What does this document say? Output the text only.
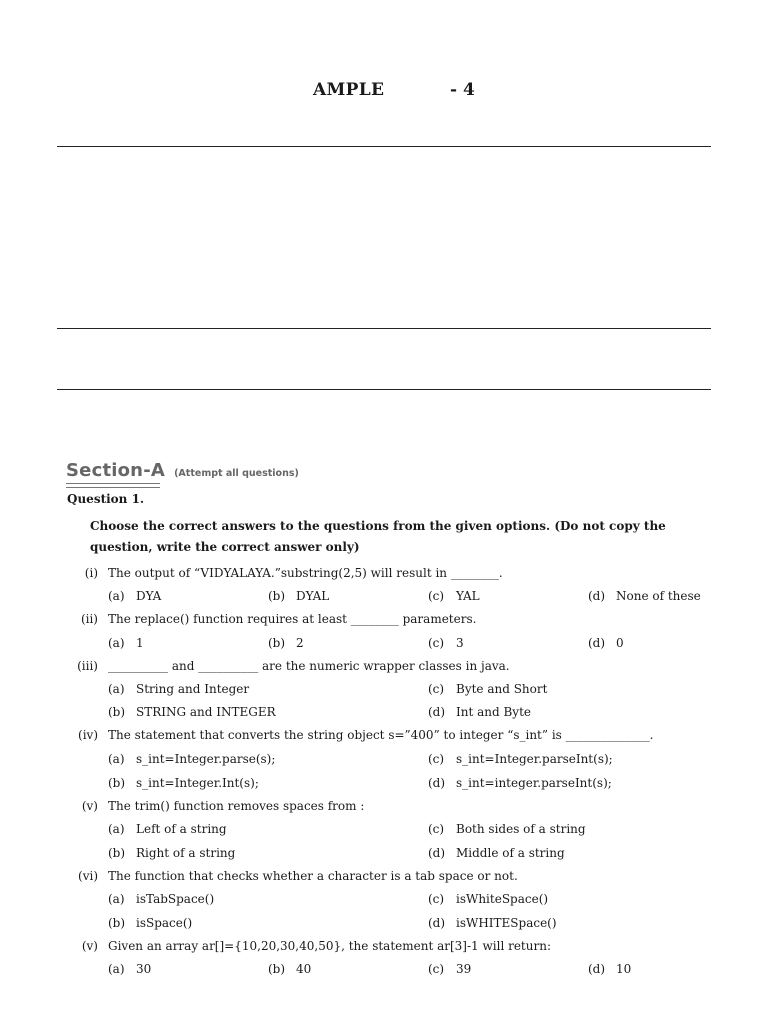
AMPLE	- 4
Section-A (Attempt all questions)
Question 1.
Choose the correct answers to the questions from the given options. (Do not copy the question, write the correct answer only)
(i) The output of “VIDYALAYA.”substring(2,5) will result in ________.
(a) DYA	(b) DYAL	(c) YAL	(d) None of these
(ii) The replace() function requires at least ________ parameters.
(a) 1	(b) 2	(c) 3	(d) 0
(iii) __________ and __________ are the numeric wrapper classes in java.
(a) String and Integer	(c) Byte and Short
(b) STRING and INTEGER	(d) Int and Byte
(iv) The statement that converts the string object s=”400” to integer “s_int” is ______________.
(a) s_int=Integer.parse(s);	(c) s_int=Integer.parseInt(s);
(b) s_int=Integer.Int(s);	(d) s_int=integer.parseInt(s);
(v) The trim() function removes spaces from :
(a) Left of a string	(c) Both sides of a string
(b) Right of a string	(d) Middle of a string
(vi) The function that checks whether a character is a tab space or not.
(a) isTabSpace()	(c) isWhiteSpace()
(b) isSpace()	(d) isWHITESpace()
(v) Given an array ar[]={10,20,30,40,50}, the statement ar[3]-1 will return:
(a) 30	(b) 40	(c) 39	(d) 10
